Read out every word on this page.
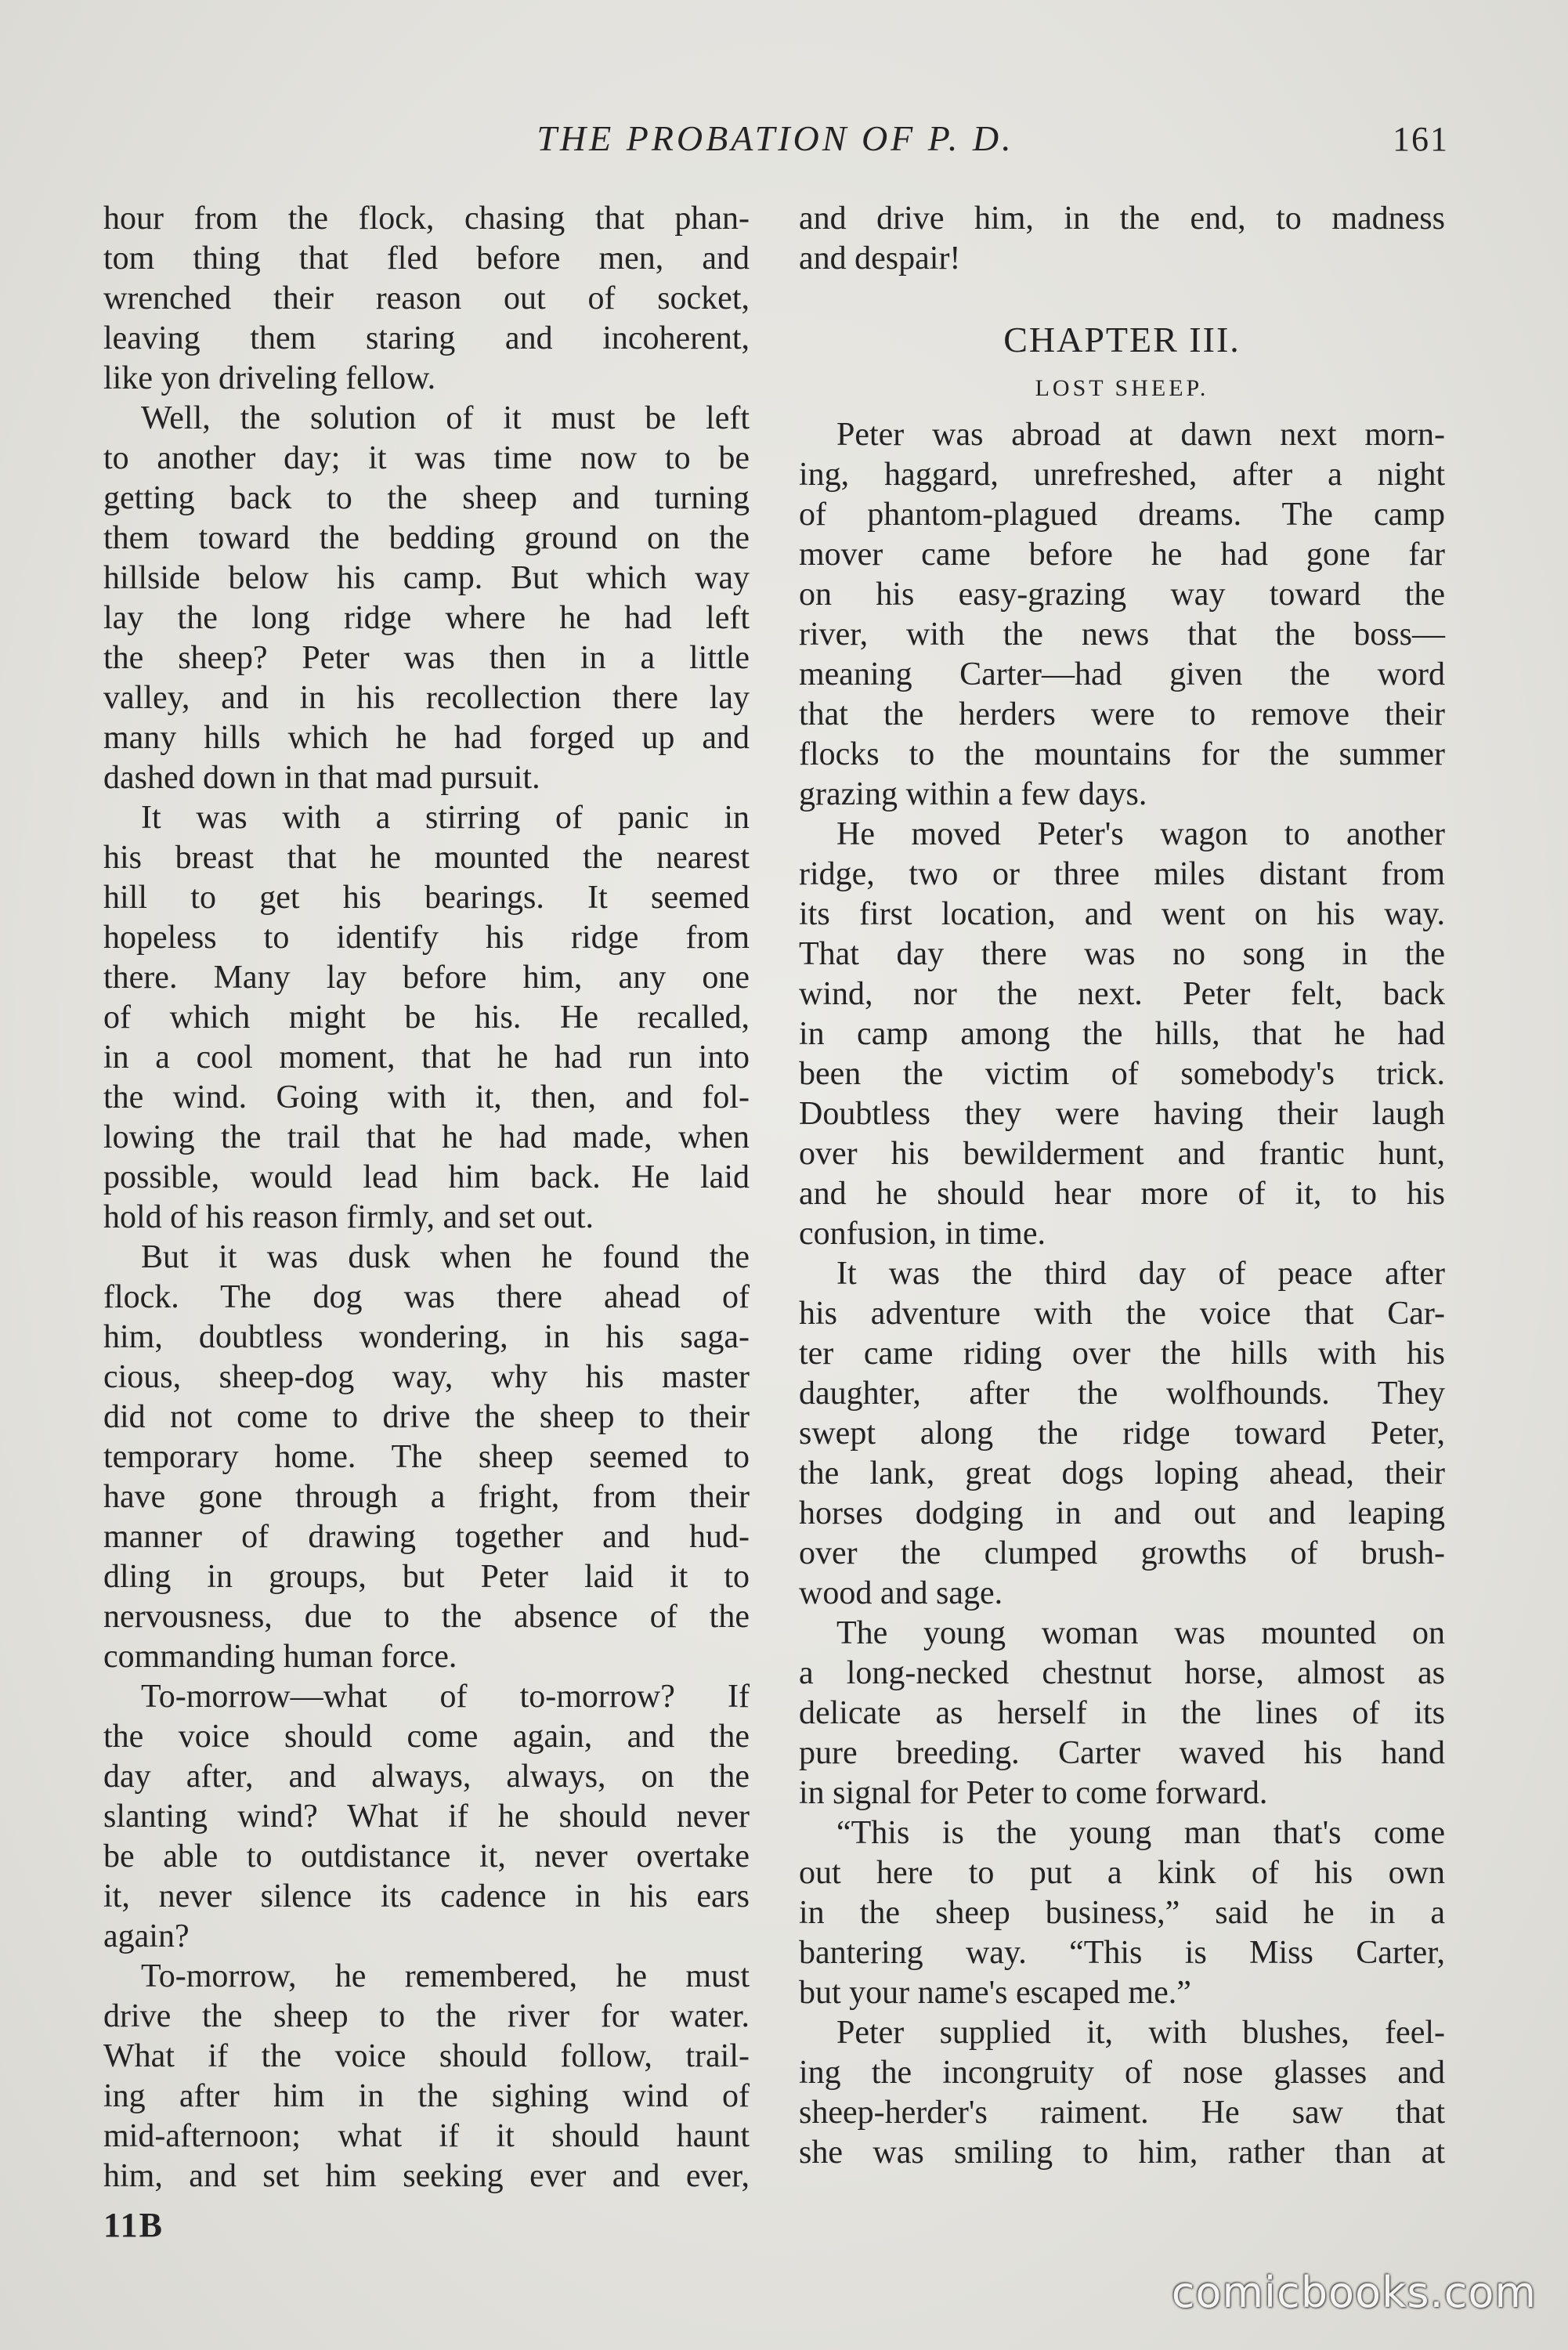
THE PROBATION OF P. D.	161
hour from the flock, chasing that phan-
tom thing that fled before men, and
wrenched their reason out of socket,
leaving them staring and incoherent,
like yon driveling fellow.
Well, the solution of it must be left
to another day; it was time now to be
getting back to the sheep and turning
them toward the bedding ground on the
hillside below his camp. But which way
lay the long ridge where he had left
the sheep? Peter was then in a little
valley, and in his recollection there lay
many hills which he had forged up and
dashed down in that mad pursuit.
It was with a stirring of panic in
his breast that he mounted the nearest
hill to get his bearings. It seemed
hopeless to identify his ridge from
there. Many lay before him, any one
of which might be his. He recalled,
in a cool moment, that he had run into
the wind. Going with it, then, and fol-
lowing the trail that he had made, when
possible, would lead him back. He laid
hold of his reason firmly, and set out.
But it was dusk when he found the
flock. The dog was there ahead of
him, doubtless wondering, in his saga-
cious, sheep-dog way, why his master
did not come to drive the sheep to their
temporary home. The sheep seemed to
have gone through a fright, from their
manner of drawing together and hud-
dling in groups, but Peter laid it to
nervousness, due to the absence of the
commanding human force.
To-morrow—what of to-morrow? If
the voice should come again, and the
day after, and always, always, on the
slanting wind? What if he should never
be able to outdistance it, never overtake
it, never silence its cadence in his ears
again?
To-morrow, he remembered, he must
drive the sheep to the river for water.
What if the voice should follow, trail-
ing after him in the sighing wind of
mid-afternoon; what if it should haunt
him, and set him seeking ever and ever,
and drive him, in the end, to madness
and despair!
CHAPTER III.
LOST SHEEP.
Peter was abroad at dawn next morn-
ing, haggard, unrefreshed, after a night
of phantom-plagued dreams. The camp
mover came before he had gone far
on his easy-grazing way toward the
river, with the news that the boss—
meaning Carter—had given the word
that the herders were to remove their
flocks to the mountains for the summer
grazing within a few days.
He moved Peter's wagon to another
ridge, two or three miles distant from
its first location, and went on his way.
That day there was no song in the
wind, nor the next. Peter felt, back
in camp among the hills, that he had
been the victim of somebody's trick.
Doubtless they were having their laugh
over his bewilderment and frantic hunt,
and he should hear more of it, to his
confusion, in time.
It was the third day of peace after
his adventure with the voice that Car-
ter came riding over the hills with his
daughter, after the wolfhounds. They
swept along the ridge toward Peter,
the lank, great dogs loping ahead, their
horses dodging in and out and leaping
over the clumped growths of brush-
wood and sage.
The young woman was mounted on
a long-necked chestnut horse, almost as
delicate as herself in the lines of its
pure breeding. Carter waved his hand
in signal for Peter to come forward.
“This is the young man that's come
out here to put a kink of his own
in the sheep business,” said he in a
bantering way. “This is Miss Carter,
but your name's escaped me.”
Peter supplied it, with blushes, feel-
ing the incongruity of nose glasses and
sheep-herder's raiment. He saw that
she was smiling to him, rather than at
11B
comicbooks.com
